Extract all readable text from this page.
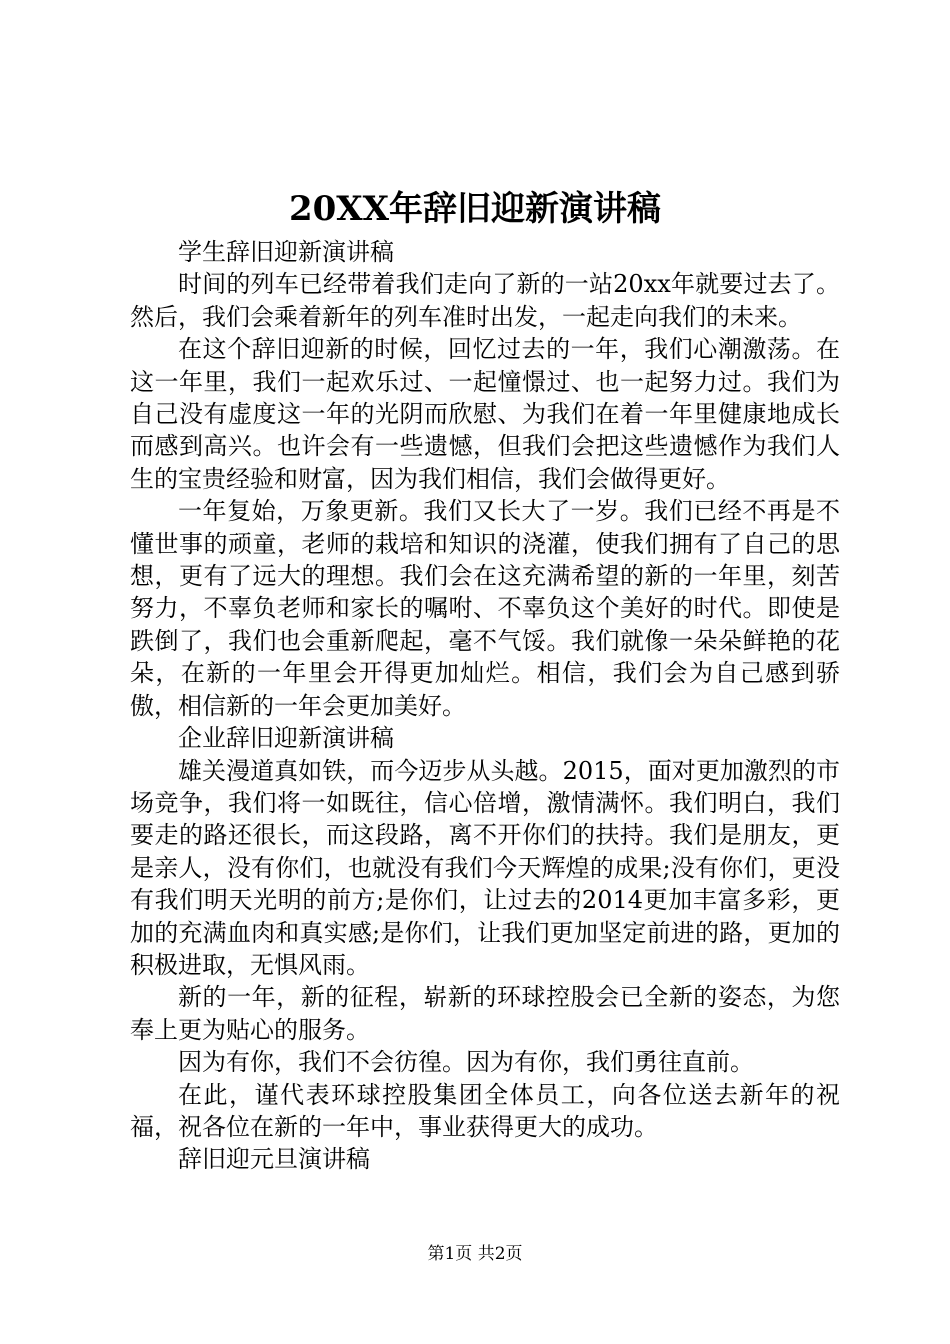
20XX年辞旧迎新演讲稿

学生辞旧迎新演讲稿

时间的列车已经带着我们走向了新的一站20xx年就要过去了。然后，我们会乘着新年的列车准时出发，一起走向我们的未来。

在这个辞旧迎新的时候，回忆过去的一年，我们心潮激荡。在这一年里，我们一起欢乐过、一起憧憬过、也一起努力过。我们为自己没有虚度这一年的光阴而欣慰、为我们在着一年里健康地成长而感到高兴。也许会有一些遗憾，但我们会把这些遗憾作为我们人生的宝贵经验和财富，因为我们相信，我们会做得更好。

一年复始，万象更新。我们又长大了一岁。我们已经不再是不懂世事的顽童，老师的栽培和知识的浇灌，使我们拥有了自己的思想，更有了远大的理想。我们会在这充满希望的新的一年里，刻苦努力，不辜负老师和家长的嘱咐、不辜负这个美好的时代。即使是跌倒了，我们也会重新爬起，毫不气馁。我们就像一朵朵鲜艳的花朵，在新的一年里会开得更加灿烂。相信，我们会为自己感到骄傲，相信新的一年会更加美好。

企业辞旧迎新演讲稿

雄关漫道真如铁，而今迈步从头越。2015，面对更加激烈的市场竞争，我们将一如既往，信心倍增，激情满怀。我们明白，我们要走的路还很长，而这段路，离不开你们的扶持。我们是朋友，更是亲人，没有你们，也就没有我们今天辉煌的成果;没有你们，更没有我们明天光明的前方;是你们，让过去的2014更加丰富多彩，更加的充满血肉和真实感;是你们，让我们更加坚定前进的路，更加的积极进取，无惧风雨。

新的一年，新的征程，崭新的环球控股会已全新的姿态，为您奉上更为贴心的服务。

因为有你，我们不会彷徨。因为有你，我们勇往直前。

在此，谨代表环球控股集团全体员工，向各位送去新年的祝福，祝各位在新的一年中，事业获得更大的成功。

辞旧迎元旦演讲稿

第1页 共2页
